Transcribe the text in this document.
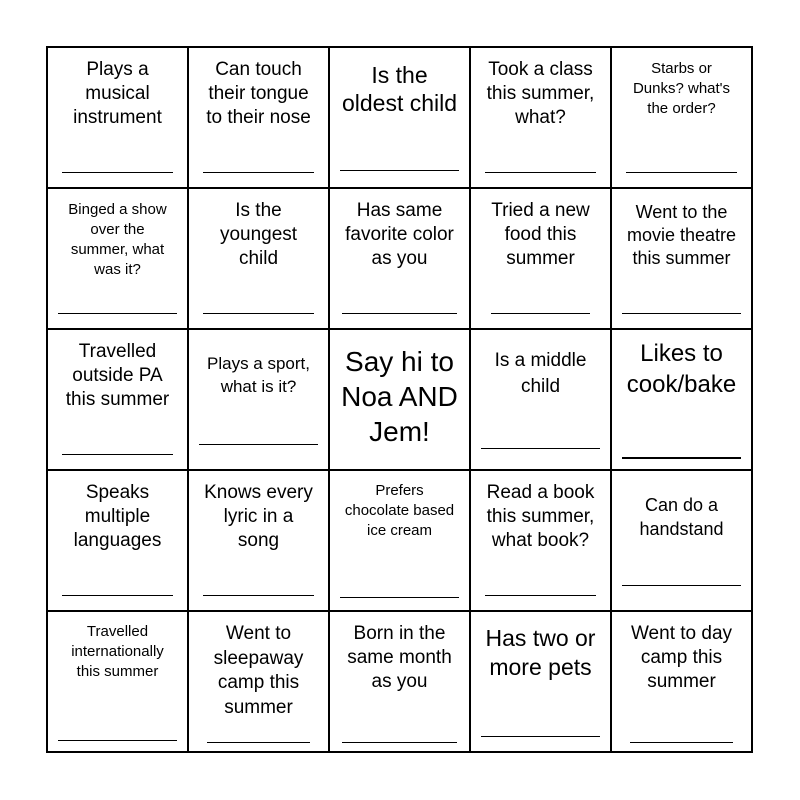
Plays a
musical
instrument
Can touch
their tongue
to their nose
Is the
oldest child
Took a class
this summer,
what?
Starbs or
Dunks? what's
the order?
Binged a show
over the
summer, what
was it?
Is the
youngest
child
Has same
favorite color
as you
Tried a new
food this
summer
Went to the
movie theatre
this summer
Travelled
outside PA
this summer
Plays a sport,
what is it?
Say hi to
Noa AND
Jem!
Is a middle
child
Likes to
cook/bake
Speaks
multiple
languages
Knows every
lyric in a
song
Prefers
chocolate based
ice cream
Read a book
this summer,
what book?
Can do a
handstand
Travelled
internationally
this summer
Went to
sleepaway
camp this
summer
Born in the
same month
as you
Has two or
more pets
Went to day
camp this
summer
